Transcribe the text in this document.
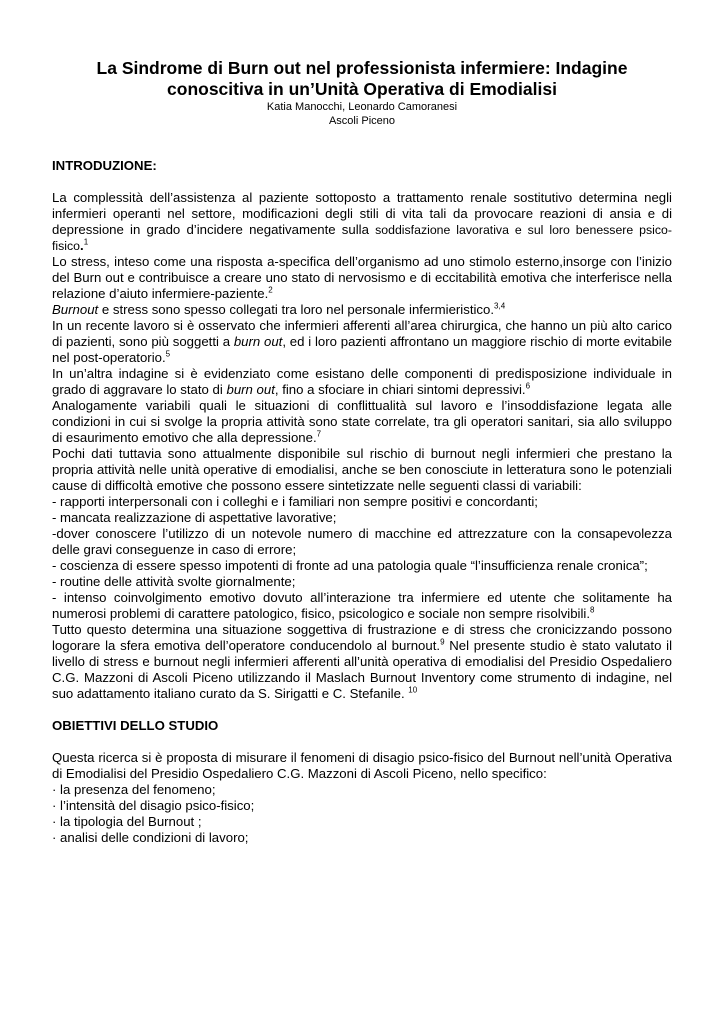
La Sindrome di Burn out nel professionista infermiere: Indagine
conoscitiva in un’Unità Operativa di Emodialisi

Katia Manocchi, Leonardo Camoranesi

Ascoli Piceno

INTRODUZIONE:

La complessità dell’assistenza al paziente sottoposto a trattamento renale sostitutivo determina negli infermieri operanti nel settore, modificazioni degli stili di vita tali da provocare reazioni di ansia e di depressione in grado d’incidere negativamente sulla soddisfazione lavorativa e sul loro benessere psico-fisico.$^1$

Lo stress, inteso come una risposta a-specifica dell’organismo ad uno stimolo esterno,insorge con l’inizio del Burn out e contribuisce a creare uno stato di nervosismo e di eccitabilità emotiva che interferisce nella relazione d’aiuto infermiere-paziente.$^2$

Burnout e stress sono spesso collegati tra loro nel personale infermieristico.$^{3,4}$

In un recente lavoro si è osservato che infermieri afferenti all’area chirurgica, che hanno un più alto carico di pazienti, sono più soggetti a burn out, ed i loro pazienti affrontano un maggiore rischio di morte evitabile nel post-operatorio.$^5$

In un’altra indagine si è evidenziato come esistano delle componenti di predisposizione individuale in grado di aggravare lo stato di burn out, fino a sfociare in chiari sintomi depressivi.$^6$

Analogamente variabili quali le situazioni di conflittualità sul lavoro e l’insoddisfazione legata alle condizioni in cui si svolge la propria attività sono state correlate, tra gli operatori sanitari, sia allo sviluppo di esaurimento emotivo che alla depressione.$^7$

Pochi dati tuttavia sono attualmente disponibile sul rischio di burnout negli infermieri che prestano la propria attività nelle unità operative di emodialisi, anche se ben conosciute in letteratura sono le potenziali cause di difficoltà emotive che possono essere sintetizzate nelle seguenti classi di variabili:

- rapporti interpersonali con i colleghi e i familiari non sempre positivi e concordanti;

- mancata realizzazione di aspettative lavorative;

-dover conoscere l’utilizzo di un notevole numero di macchine ed attrezzature con la consapevolezza delle gravi conseguenze in caso di errore;

- coscienza di essere spesso impotenti di fronte ad una patologia quale “l’insufficienza renale cronica”;

- routine delle attività svolte giornalmente;

- intenso coinvolgimento emotivo dovuto all’interazione tra infermiere ed utente che solitamente ha numerosi problemi di carattere patologico, fisico, psicologico e sociale non sempre risolvibili.$^8$

Tutto questo determina una situazione soggettiva di frustrazione e di stress che cronicizzando possono logorare la sfera emotiva dell’operatore conducendolo al burnout.$^9$ Nel presente studio è stato valutato il livello di stress e burnout negli infermieri afferenti all’unità operativa di emodialisi del Presidio Ospedaliero C.G. Mazzoni di Ascoli Piceno utilizzando il Maslach Burnout Inventory come strumento di indagine, nel suo adattamento italiano curato da S. Sirigatti e C. Stefanile. $^{10}$

OBIETTIVI DELLO STUDIO

Questa ricerca si è proposta di misurare il fenomeni di disagio psico-fisico del Burnout nell’unità Operativa di Emodialisi del Presidio Ospedaliero C.G. Mazzoni di Ascoli Piceno, nello specifico:

· la presenza del fenomeno;
· l’intensità del disagio psico-fisico;
· la tipologia del Burnout ;
· analisi delle condizioni di lavoro;
